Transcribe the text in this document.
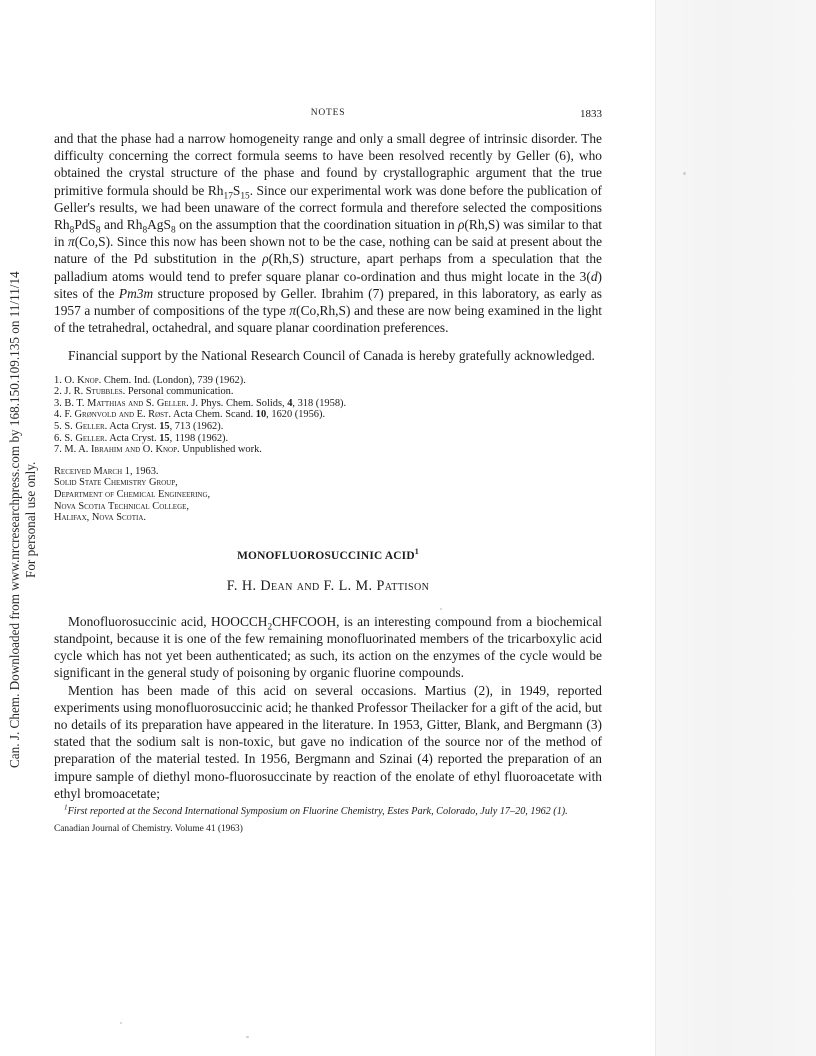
Can. J. Chem. Downloaded from www.nrcresearchpress.com by 168.150.109.135 on 11/11/14 For personal use only.
NOTES	1833

and that the phase had a narrow homogeneity range and only a small degree of intrinsic disorder. The difficulty concerning the correct formula seems to have been resolved recently by Geller (6), who obtained the crystal structure of the phase and found by crystallographic argument that the true primitive formula should be $Rh_{17}S_{15}$. Since our experimental work was done before the publication of Geller's results, we had been unaware of the correct formula and therefore selected the compositions $Rh_8PdS_8$ and $Rh_8AgS_8$ on the assumption that the coordination situation in ρ(Rh,S) was similar to that in π(Co,S). Since this now has been shown not to be the case, nothing can be said at present about the nature of the Pd substitution in the ρ(Rh,S) structure, apart perhaps from a speculation that the palladium atoms would tend to prefer square planar co-ordination and thus might locate in the 3(d) sites of the Pm3m structure proposed by Geller. Ibrahim (7) prepared, in this laboratory, as early as 1957 a number of compositions of the type π(Co,Rh,S) and these are now being examined in the light of the tetrahedral, octahedral, and square planar coordination preferences.

Financial support by the National Research Council of Canada is hereby gratefully acknowledged.

1. O. Knop. Chem. Ind. (London), 739 (1962).
2. J. R. Stubbles. Personal communication.
3. B. T. Matthias and S. Geller. J. Phys. Chem. Solids, 4, 318 (1958).
4. F. Grønvold and E. Røst. Acta Chem. Scand. 10, 1620 (1956).
5. S. Geller. Acta Cryst. 15, 713 (1962).
6. S. Geller. Acta Cryst. 15, 1198 (1962).
7. M. A. Ibrahim and O. Knop. Unpublished work.
Received March 1, 1963.
Solid State Chemistry Group,
Department of Chemical Engineering,
Nova Scotia Technical College,
Halifax, Nova Scotia.
MONOFLUOROSUCCINIC ACID$^1$
F. H. Dean and F. L. M. Pattison

Monofluorosuccinic acid, $HOOCCH_2CHFCOOH$, is an interesting compound from a biochemical standpoint, because it is one of the few remaining monofluorinated members of the tricarboxylic acid cycle which has not yet been authenticated; as such, its action on the enzymes of the cycle would be significant in the general study of poisoning by organic fluorine compounds.

Mention has been made of this acid on several occasions. Martius (2), in 1949, reported experiments using monofluorosuccinic acid; he thanked Professor Theilacker for a gift of the acid, but no details of its preparation have appeared in the literature. In 1953, Gitter, Blank, and Bergmann (3) stated that the sodium salt is non-toxic, but gave no indication of the source nor of the method of preparation of the material tested. In 1956, Bergmann and Szinai (4) reported the preparation of an impure sample of diethyl mono-fluorosuccinate by reaction of the enolate of ethyl fluoroacetate with ethyl bromoacetate;

$^1$First reported at the Second International Symposium on Fluorine Chemistry, Estes Park, Colorado, July 17–20, 1962 (1).
Canadian Journal of Chemistry. Volume 41 (1963)
